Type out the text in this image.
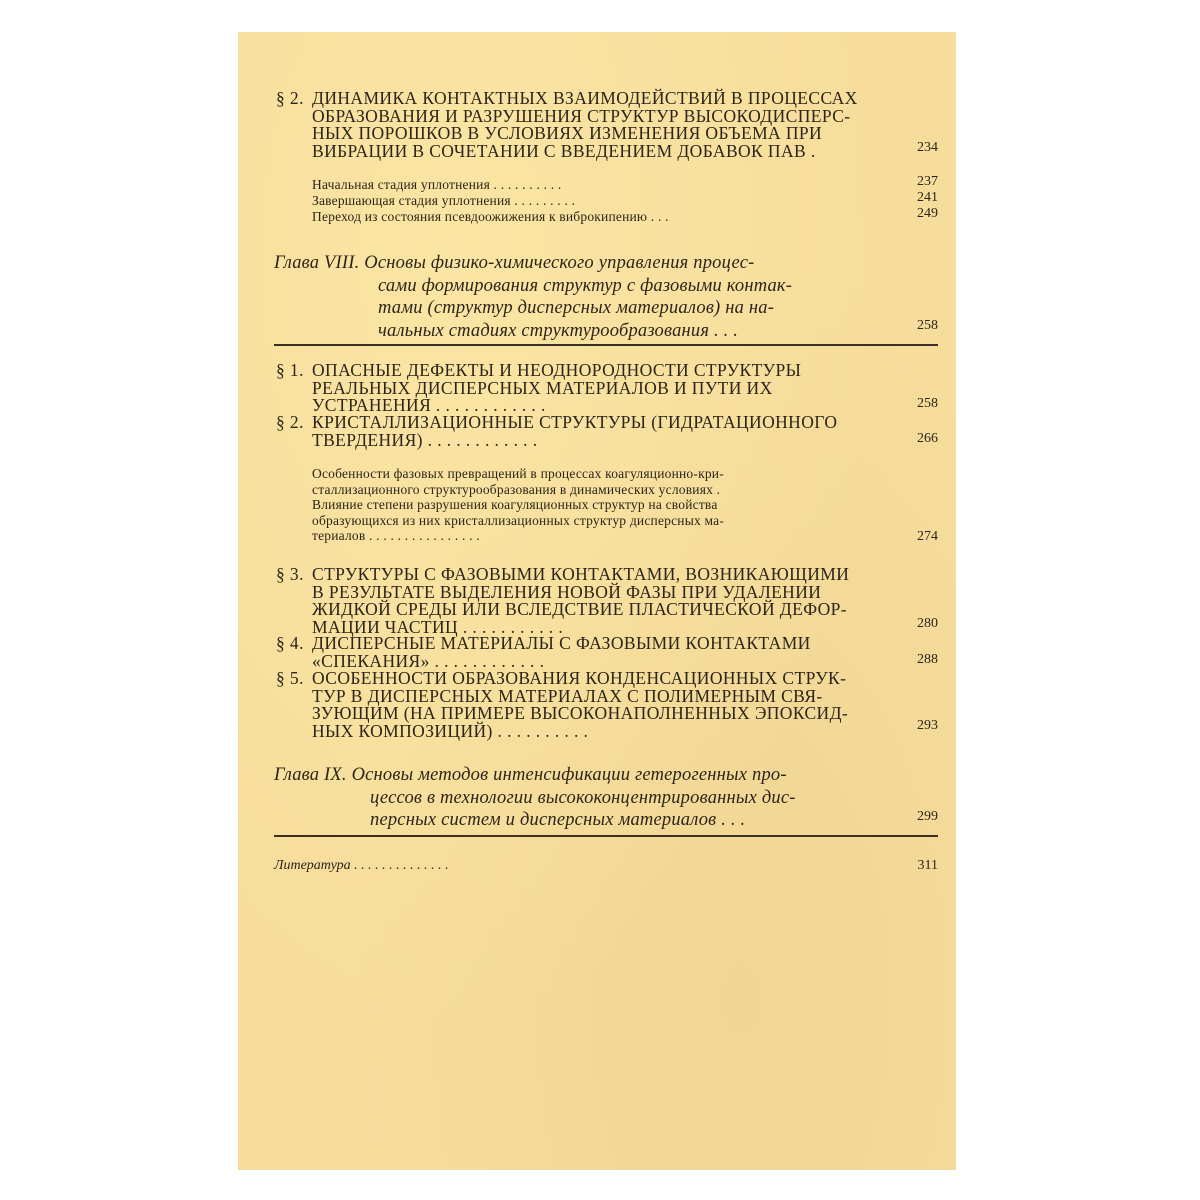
§ 2. ДИНАМИКА КОНТАКТНЫХ ВЗАИМОДЕЙСТВИЙ В ПРОЦЕССАХ
ОБРАЗОВАНИЯ И РАЗРУШЕНИЯ СТРУКТУР ВЫСОКОДИСПЕРС-
НЫХ ПОРОШКОВ В УСЛОВИЯХ ИЗМЕНЕНИЯ ОБЪЕМА ПРИ
ВИБРАЦИИ В СОЧЕТАНИИ С ВВЕДЕНИЕМ ДОБАВОК ПАВ .	234
Начальная стадия уплотнения . . . . . . . . . .	237
Завершающая стадия уплотнения . . . . . . . . .	241
Переход из состояния псевдоожижения к виброкипению . . .	249
Глава VIII. Основы физико-химического управления процес-
сами формирования структур с фазовыми контак-
тами (структур дисперсных материалов) на на-
чальных стадиях структурообразования . . .	258
§ 1. ОПАСНЫЕ ДЕФЕКТЫ И НЕОДНОРОДНОСТИ СТРУКТУРЫ
РЕАЛЬНЫХ ДИСПЕРСНЫХ МАТЕРИАЛОВ И ПУТИ ИХ
УСТРАНЕНИЯ . . . . . . . . . . . .	258
§ 2. КРИСТАЛЛИЗАЦИОННЫЕ СТРУКТУРЫ (ГИДРАТАЦИОННОГО
ТВЕРДЕНИЯ) . . . . . . . . . . . .	266
Особенности фазовых превращений в процессах коагуляционно-кри-
сталлизационного структурообразования в динамических условиях .
Влияние степени разрушения коагуляционных структур на свойства
образующихся из них кристаллизационных структур дисперсных ма-
териалов . . . . . . . . . . . . . . . .	274
§ 3. СТРУКТУРЫ С ФАЗОВЫМИ КОНТАКТАМИ, ВОЗНИКАЮЩИМИ
В РЕЗУЛЬТАТЕ ВЫДЕЛЕНИЯ НОВОЙ ФАЗЫ ПРИ УДАЛЕНИИ
ЖИДКОЙ СРЕДЫ ИЛИ ВСЛЕДСТВИЕ ПЛАСТИЧЕСКОЙ ДЕФОР-
МАЦИИ ЧАСТИЦ . . . . . . . . . . .	280
§ 4. ДИСПЕРСНЫЕ МАТЕРИАЛЫ С ФАЗОВЫМИ КОНТАКТАМИ
«СПЕКАНИЯ» . . . . . . . . . . . .	288
§ 5. ОСОБЕННОСТИ ОБРАЗОВАНИЯ КОНДЕНСАЦИОННЫХ СТРУК-
ТУР В ДИСПЕРСНЫХ МАТЕРИАЛАХ С ПОЛИМЕРНЫМ СВЯ-
ЗУЮЩИМ (НА ПРИМЕРЕ ВЫСОКОНАПОЛНЕННЫХ ЭПОКСИД-
НЫХ КОМПОЗИЦИЙ) . . . . . . . . . .	293
Глава IX. Основы методов интенсификации гетерогенных про-
цессов в технологии высококонцентрированных дис-
персных систем и дисперсных материалов . . .	299
Литература . . . . . . . . . . . . . .	311
